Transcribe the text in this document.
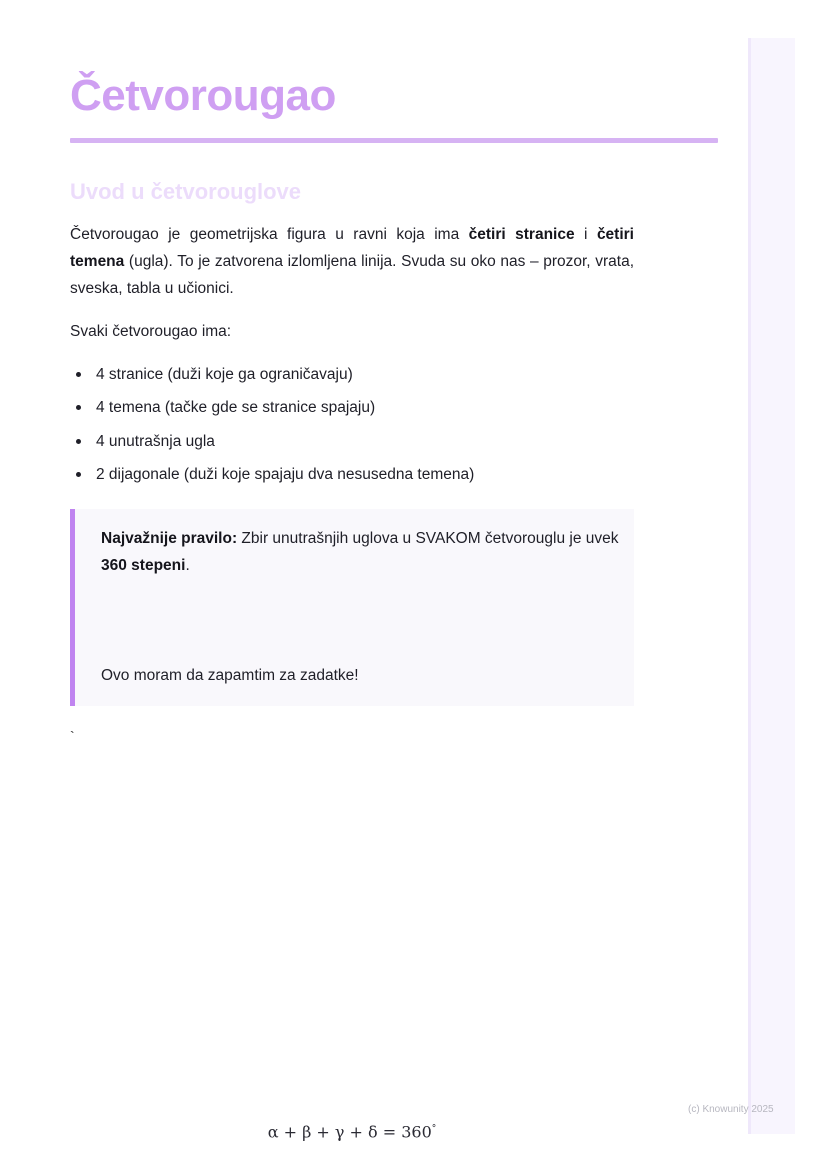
Četvorougao
Uvod u četvorouglove

Četvorougao je geometrijska figura u ravni koja ima četiri stranice i četiri temena (ugla). To je zatvorena izlomljena linija. Svuda su oko nas – prozor, vrata, sveska, tabla u učionici.

Svaki četvorougao ima:

4 stranice (duži koje ga ograničavaju)
4 temena (tačke gde se stranice spajaju)
4 unutrašnja ugla
2 dijagonale (duži koje spajaju dva nesusedna temena)

Najvažnije pravilo: Zbir unutrašnjih uglova u SVAKOM četvorouglu je uvek 360 stepeni.

α + β + γ + δ = 360°

Ovo moram da zapamtim za zadatke!

`
(c) Knowunity 2025
